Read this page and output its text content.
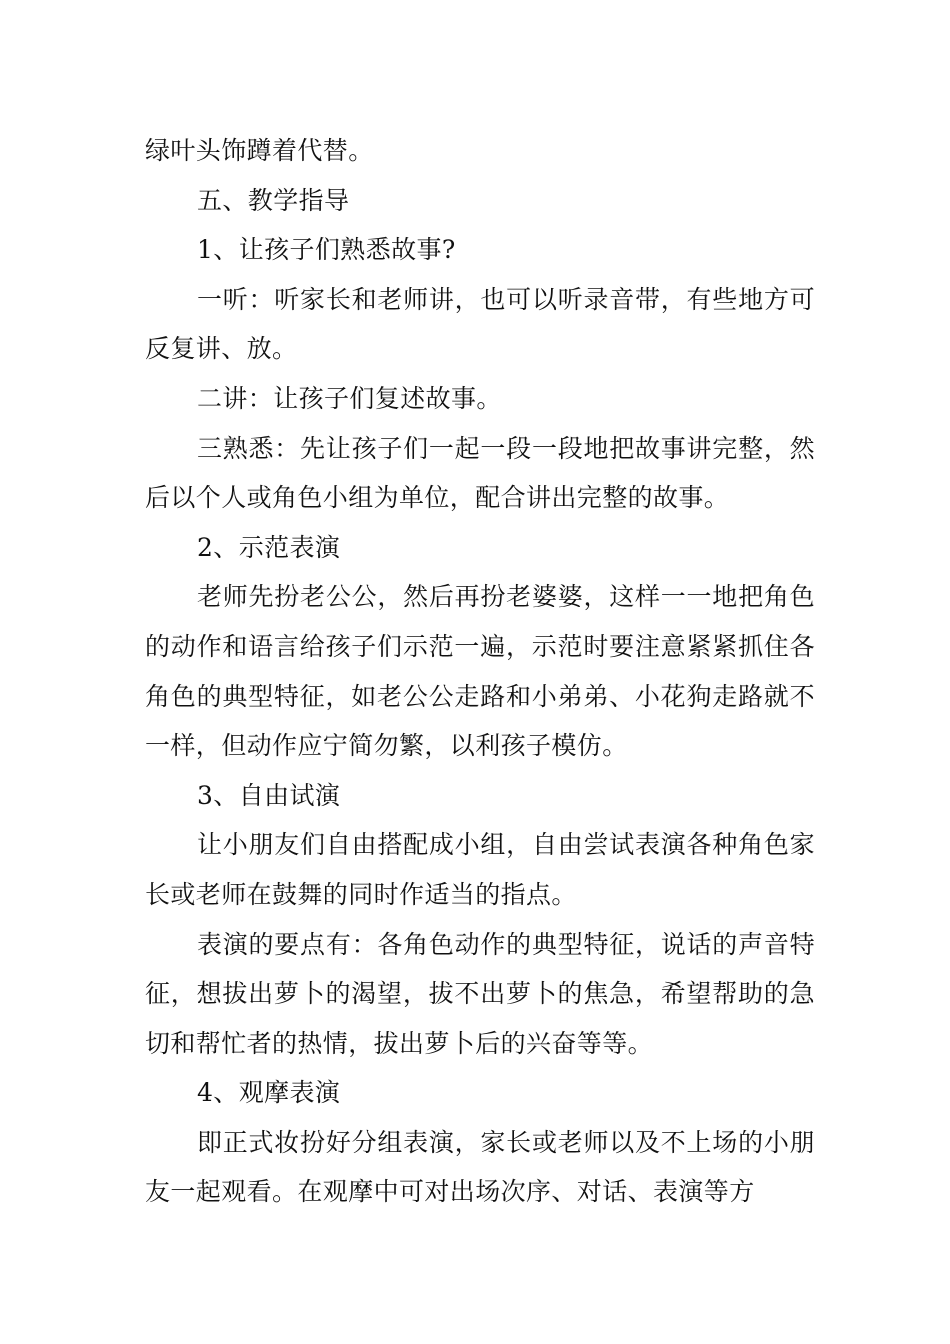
绿叶头饰蹲着代替。

五、教学指导

1、让孩子们熟悉故事?

一听：听家长和老师讲，也可以听录音带，有些地方可反复讲、放。

二讲：让孩子们复述故事。

三熟悉：先让孩子们一起一段一段地把故事讲完整，然后以个人或角色小组为单位，配合讲出完整的故事。

2、示范表演

老师先扮老公公，然后再扮老婆婆，这样一一地把角色的动作和语言给孩子们示范一遍，示范时要注意紧紧抓住各角色的典型特征，如老公公走路和小弟弟、小花狗走路就不一样，但动作应宁简勿繁，以利孩子模仿。

3、自由试演

让小朋友们自由搭配成小组，自由尝试表演各种角色家长或老师在鼓舞的同时作适当的指点。

表演的要点有：各角色动作的典型特征，说话的声音特征，想拔出萝卜的渴望，拔不出萝卜的焦急，希望帮助的急切和帮忙者的热情，拔出萝卜后的兴奋等等。

4、观摩表演

即正式妆扮好分组表演，家长或老师以及不上场的小朋友一起观看。在观摩中可对出场次序、对话、表演等方
